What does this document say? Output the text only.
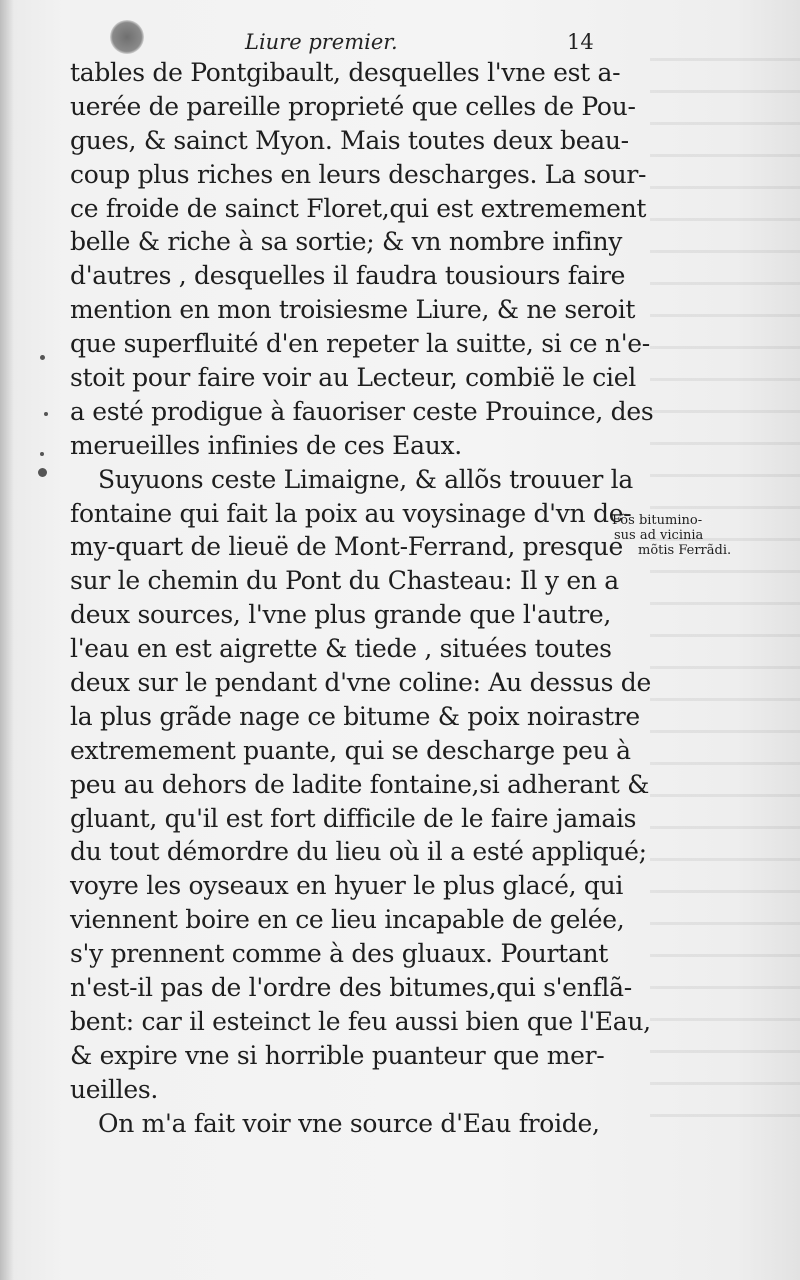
Liure premier.	14
tables de Pontgibault, desquelles l'vne est a-
uerée de pareille proprieté que celles de Pou-
gues, & sainct Myon. Mais toutes deux beau-
coup plus riches en leurs descharges. La sour-
ce froide de sainct Floret,qui est extremement
belle & riche à sa sortie; & vn nombre infiny
d'autres , desquelles il faudra tousiours faire
mention en mon troisiesme Liure, & ne seroit
que superfluité d'en repeter la suitte, si ce n'e-
stoit pour faire voir au Lecteur, combië le ciel
a esté prodigue à fauoriser ceste Prouince, des
merueilles infinies de ces Eaux.
Suyuons ceste Limaigne, & allõs trouuer la
fontaine qui fait la poix au voysinage d'vn de-
my-quart de lieuë de Mont-Ferrand, presque
sur le chemin du Pont du Chasteau: Il y en a
deux sources, l'vne plus grande que l'autre,
l'eau en est aigrette & tiede , situées toutes
deux sur le pendant d'vne coline: Au dessus de
la plus grãde nage ce bitume & poix noirastre
extremement puante, qui se descharge peu à
peu au dehors de ladite fontaine,si adherant &
gluant, qu'il est fort difficile de le faire jamais
du tout démordre du lieu où il a esté appliqué;
voyre les oyseaux en hyuer le plus glacé, qui
viennent boire en ce lieu incapable de gelée,
s'y prennent comme à des gluaux. Pourtant
n'est-il pas de l'ordre des bitumes,qui s'enflã-
bent: car il esteinct le feu aussi bien que l'Eau,
& expire vne si horrible puanteur que mer-
ueilles.
On m'a fait voir vne source d'Eau froide,
Fõs bitumino-
sus ad vicinia
mõtis Ferrãdi.
